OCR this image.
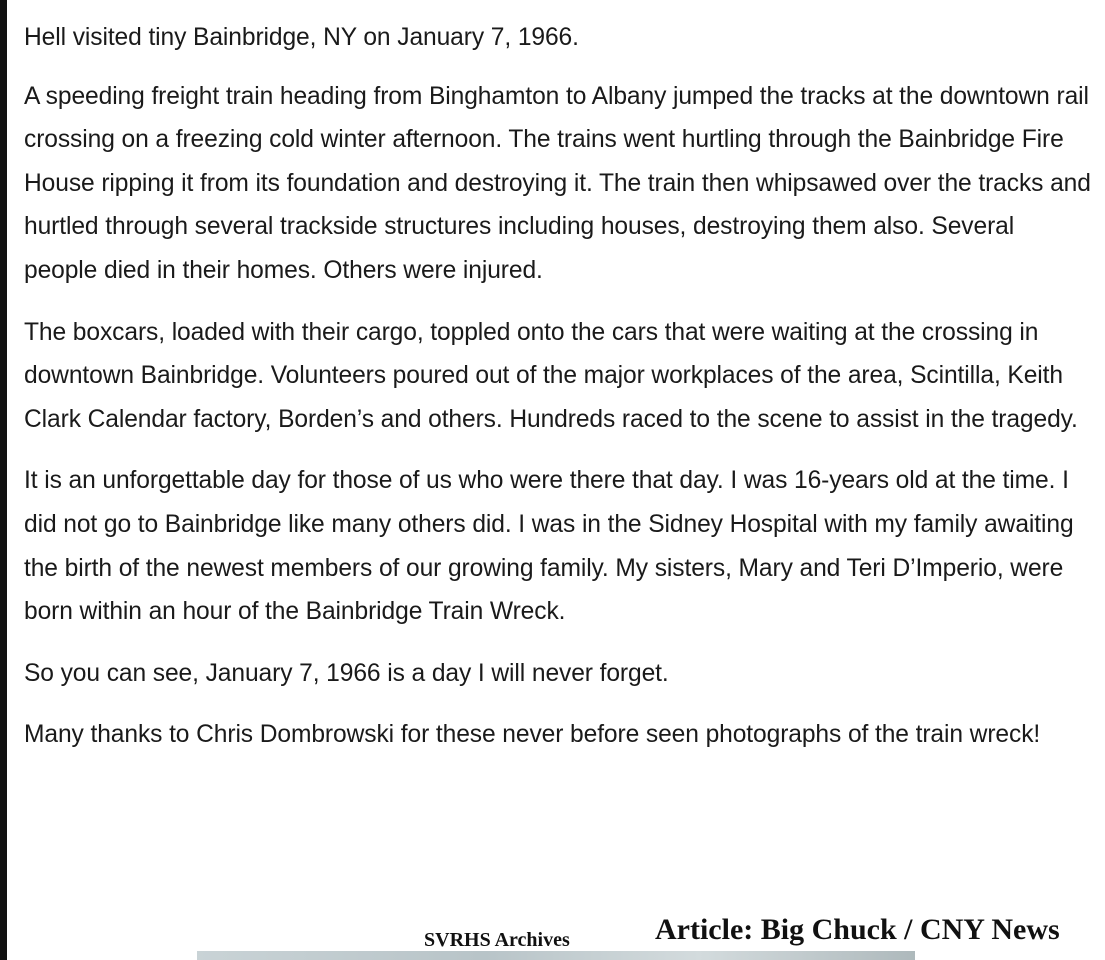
Hell visited tiny Bainbridge, NY on January 7, 1966.

A speeding freight train heading from Binghamton to Albany jumped the tracks at the downtown rail crossing on a freezing cold winter afternoon. The trains went hurtling through the Bainbridge Fire House ripping it from its foundation and destroying it. The train then whipsawed over the tracks and hurtled through several trackside structures including houses, destroying them also. Several people died in their homes. Others were injured.

The boxcars, loaded with their cargo, toppled onto the cars that were waiting at the crossing in downtown Bainbridge. Volunteers poured out of the major workplaces of the area, Scintilla, Keith Clark Calendar factory, Borden’s and others. Hundreds raced to the scene to assist in the tragedy.

It is an unforgettable day for those of us who were there that day. I was 16-years old at the time. I did not go to Bainbridge like many others did. I was in the Sidney Hospital with my family awaiting the birth of the newest members of our growing family. My sisters, Mary and Teri D’Imperio, were born within an hour of the Bainbridge Train Wreck.

So you can see, January 7, 1966 is a day I will never forget.

Many thanks to Chris Dombrowski for these never before seen photographs of the train wreck!

SVRHS Archives	Article: Big Chuck / CNY News
